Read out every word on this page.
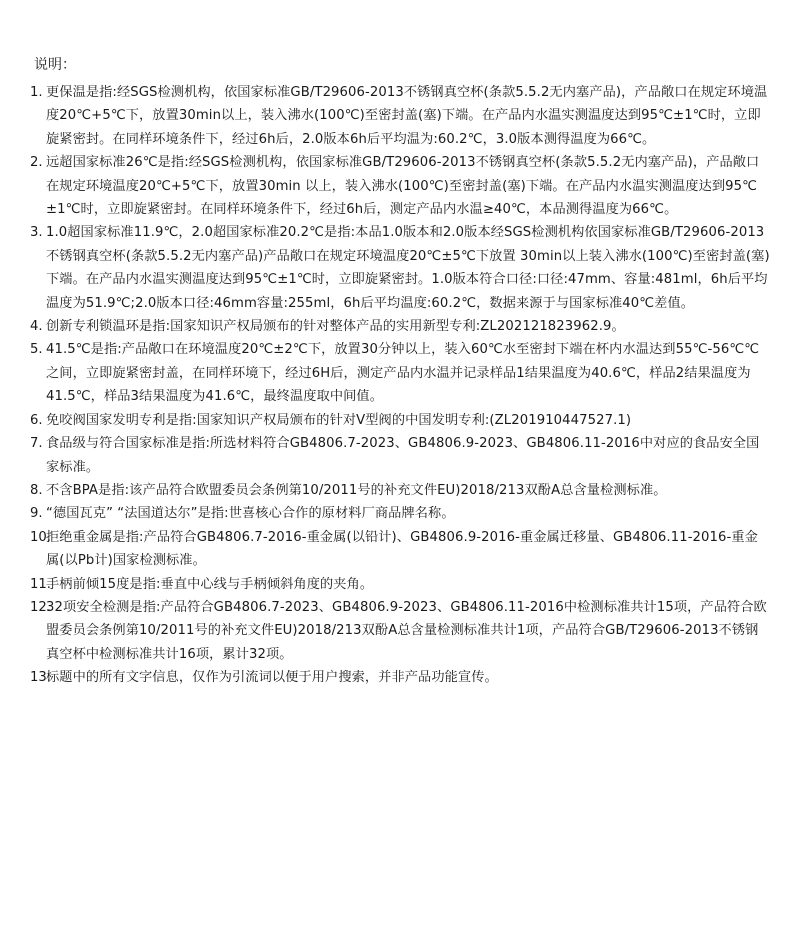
说明：
1. 更保温是指:经SGS检测机构，依国家标准GB/T29606-2013不锈钢真空杯(条款5.5.2无内塞产品)，产品敞口在规定环境温度20℃+5℃下，放置30min以上，装入沸水(100℃)至密封盖(塞)下端。在产品内水温实测温度达到95℃±1℃时，立即旋紧密封。在同样环境条件下，经过6h后，2.0版本6h后平均温为:60.2℃，3.0版本测得温度为66℃。
2. 远超国家标准26℃是指:经SGS检测机构，依国家标准GB/T29606-2013不锈钢真空杯(条款5.5.2无内塞产品)，产品敞口在规定环境温度20℃+5℃下，放置30min 以上，装入沸水(100℃)至密封盖(塞)下端。在产品内水温实测温度达到95℃±1℃时，立即旋紧密封。在同样环境条件下，经过6h后，测定产品内水温≥40℃，本品测得温度为66℃。
3. 1.0超国家标准11.9℃，2.0超国家标准20.2℃是指:本品1.0版本和2.0版本经SGS检测机构依国家标准GB/T29606-2013不锈钢真空杯(条款5.5.2无内塞产品)产品敞口在规定环境温度20℃±5℃下放置 30min以上装入沸水(100℃)至密封盖(塞)下端。在产品内水温实测温度达到95℃±1℃时，立即旋紧密封。1.0版本符合口径:口径:47mm、容量:481ml，6h后平均温度为51.9℃;2.0版本口径:46mm容量:255ml，6h后平均温度:60.2℃，数据来源于与国家标准40℃差值。
4. 创新专利锁温环是指:国家知识产权局颁布的针对整体产品的实用新型专利:ZL202121823962.9。
5. 41.5℃是指:产品敞口在环境温度20℃±2℃下，放置30分钟以上，装入60℃水至密封下端在杯内水温达到55℃-56℃℃之间，立即旋紧密封盖，在同样环境下，经过6H后，测定产品内水温并记录样品1结果温度为40.6℃，样品2结果温度为41.5℃，样品3结果温度为41.6℃，最终温度取中间值。
6. 免咬阀国家发明专利是指:国家知识产权局颁布的针对V型阀的中国发明专利:(ZL201910447527.1)
7. 食品级与符合国家标准是指:所选材料符合GB4806.7-2023、GB4806.9-2023、GB4806.11-2016中对应的食品安全国家标准。
8. 不含BPA是指:该产品符合欧盟委员会条例第10/2011号的补充文件EU)2018/213双酚A总含量检测标准。
9. “德国瓦克” “法国道达尔”是指:世喜核心合作的原材料厂商品牌名称。
10.
拒绝重金属是指:产品符合GB4806.7-2016-重金属(以铅计)、GB4806.9-2016-重金属迁移量、GB4806.11-2016-重金属(以Pb计)国家检测标准。
11.
手柄前倾15度是指:垂直中心线与手柄倾斜角度的夹角。
12.
32项安全检测是指:产品符合GB4806.7-2023、GB4806.9-2023、GB4806.11-2016中检测标准共计15项，产品符合欧盟委员会条例第10/2011号的补充文件EU)2018/213双酚A总含量检测标准共计1项，产品符合GB/T29606-2013不锈钢真空杯中检测标准共计16项，累计32项。
13.
标题中的所有文字信息，仅作为引流词以便于用户搜索，并非产品功能宣传。
